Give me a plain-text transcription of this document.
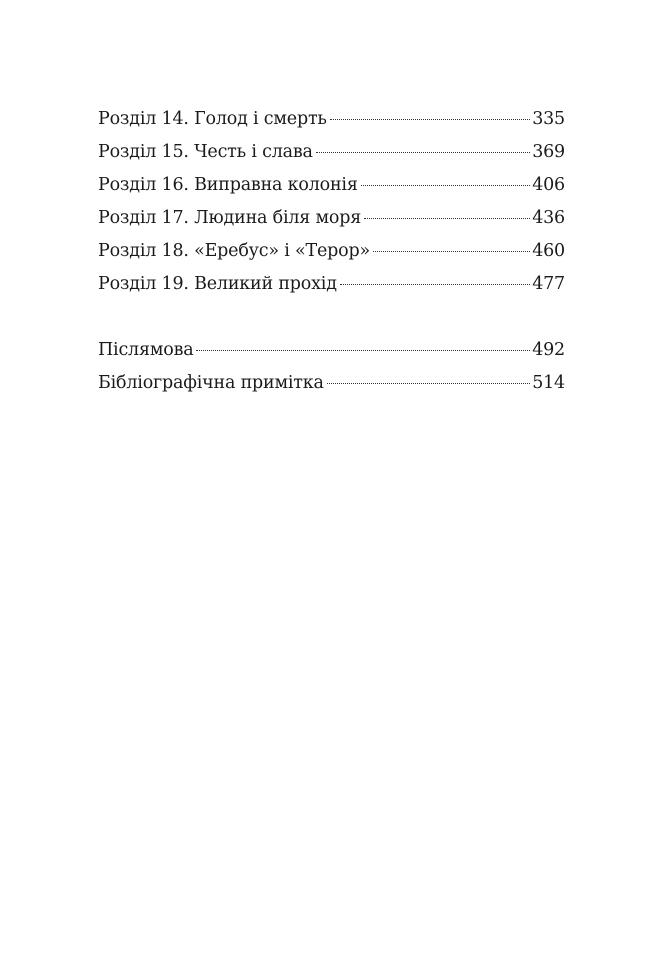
Розділ 14. Голод і смерть	335
Розділ 15. Честь і слава	369
Розділ 16. Виправна колонія	406
Розділ 17. Людина біля моря	436
Розділ 18. «Еребус» і «Терор»	460
Розділ 19. Великий прохід	477
Післямова	492
Бібліографічна примітка	514
